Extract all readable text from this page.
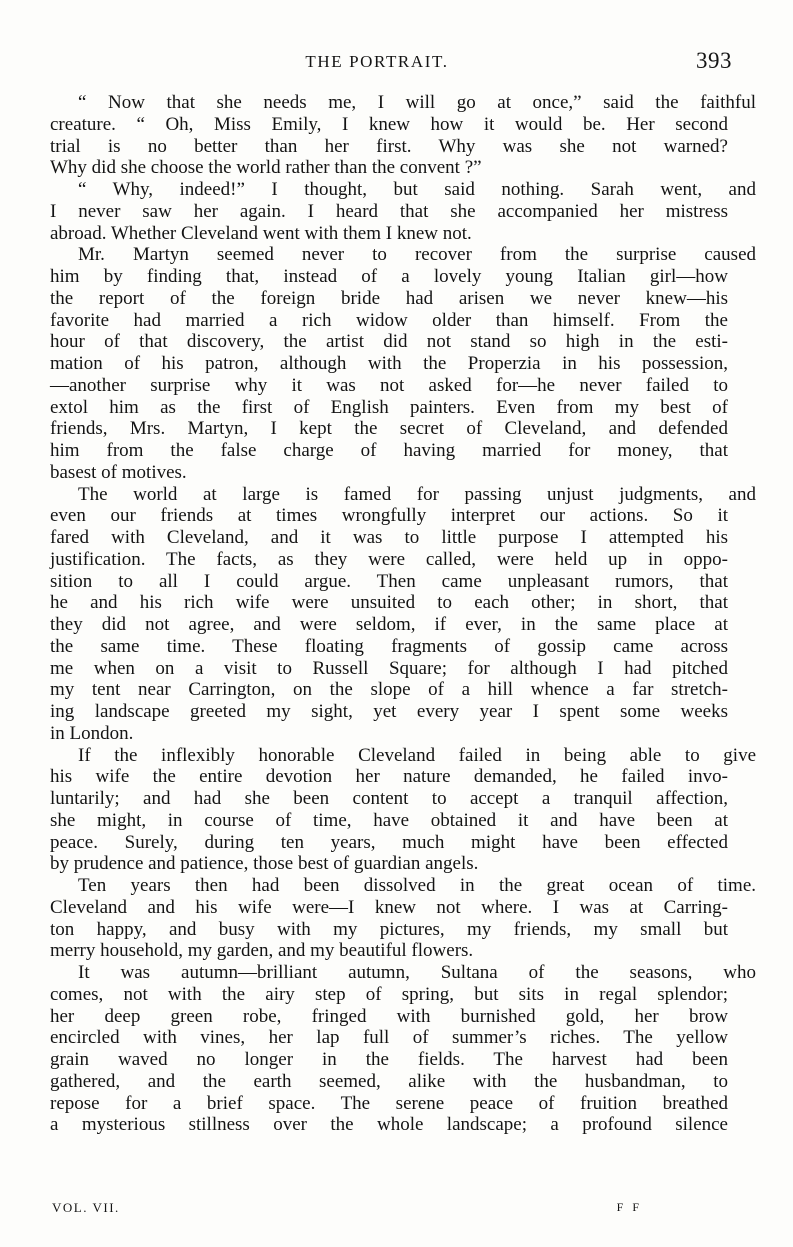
THE PORTRAIT.	393

“ Now that she needs me, I will go at once,” said the faithfulcreature. “ Oh, Miss Emily, I knew how it would be. Her secondtrial is no better than her first. Why was she not warned?Why did she choose the world rather than the convent ?”

“ Why, indeed!” I thought, but said nothing. Sarah went, andI never saw her again. I heard that she accompanied her mistressabroad. Whether Cleveland went with them I knew not.

Mr. Martyn seemed never to recover from the surprise causedhim by finding that, instead of a lovely young Italian girl—howthe report of the foreign bride had arisen we never knew—hisfavorite had married a rich widow older than himself. From thehour of that discovery, the artist did not stand so high in the esti-mation of his patron, although with the Properzia in his possession,—another surprise why it was not asked for—he never failed toextol him as the first of English painters. Even from my best offriends, Mrs. Martyn, I kept the secret of Cleveland, and defendedhim from the false charge of having married for money, thatbasest of motives.

The world at large is famed for passing unjust judgments, andeven our friends at times wrongfully interpret our actions. So itfared with Cleveland, and it was to little purpose I attempted hisjustification. The facts, as they were called, were held up in oppo-sition to all I could argue. Then came unpleasant rumors, thathe and his rich wife were unsuited to each other; in short, thatthey did not agree, and were seldom, if ever, in the same place atthe same time. These floating fragments of gossip came acrossme when on a visit to Russell Square; for although I had pitchedmy tent near Carrington, on the slope of a hill whence a far stretch-ing landscape greeted my sight, yet every year I spent some weeksin London.

If the inflexibly honorable Cleveland failed in being able to givehis wife the entire devotion her nature demanded, he failed invo-luntarily; and had she been content to accept a tranquil affection,she might, in course of time, have obtained it and have been atpeace. Surely, during ten years, much might have been effectedby prudence and patience, those best of guardian angels.

Ten years then had been dissolved in the great ocean of time.Cleveland and his wife were—I knew not where. I was at Carring-ton happy, and busy with my pictures, my friends, my small butmerry household, my garden, and my beautiful flowers.

It was autumn—brilliant autumn, Sultana of the seasons, whocomes, not with the airy step of spring, but sits in regal splendor;her deep green robe, fringed with burnished gold, her browencircled with vines, her lap full of summer’s riches. The yellowgrain waved no longer in the fields. The harvest had beengathered, and the earth seemed, alike with the husbandman, torepose for a brief space. The serene peace of fruition breatheda mysterious stillness over the whole landscape; a profound silence

VOL. VII.	F F
